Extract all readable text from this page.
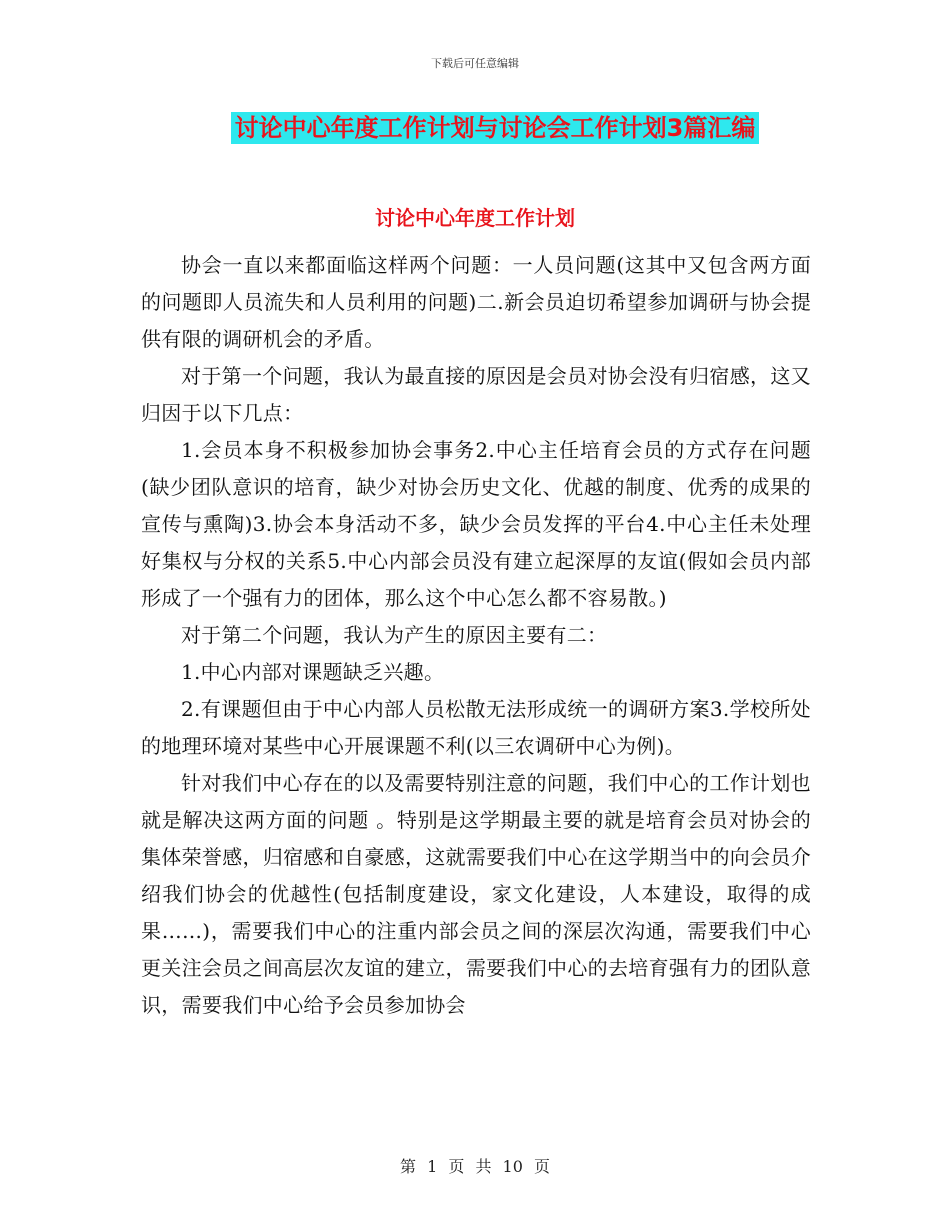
下载后可任意编辑
讨论中心年度工作计划与讨论会工作计划3篇汇编
讨论中心年度工作计划

协会一直以来都面临这样两个问题：一人员问题(这其中又包含两方面的问题即人员流失和人员利用的问题)二.新会员迫切希望参加调研与协会提供有限的调研机会的矛盾。

对于第一个问题，我认为最直接的原因是会员对协会没有归宿感，这又归因于以下几点：

1.会员本身不积极参加协会事务2.中心主任培育会员的方式存在问题(缺少团队意识的培育，缺少对协会历史文化、优越的制度、优秀的成果的宣传与熏陶)3.协会本身活动不多，缺少会员发挥的平台4.中心主任未处理好集权与分权的关系5.中心内部会员没有建立起深厚的友谊(假如会员内部形成了一个强有力的团体，那么这个中心怎么都不容易散。)

对于第二个问题，我认为产生的原因主要有二：

1.中心内部对课题缺乏兴趣。

2.有课题但由于中心内部人员松散无法形成统一的调研方案3.学校所处的地理环境对某些中心开展课题不利(以三农调研中心为例)。

针对我们中心存在的以及需要特别注意的问题，我们中心的工作计划也就是解决这两方面的问题 。特别是这学期最主要的就是培育会员对协会的集体荣誉感，归宿感和自豪感，这就需要我们中心在这学期当中的向会员介绍我们协会的优越性(包括制度建设，家文化建设，人本建设，取得的成果……)，需要我们中心的注重内部会员之间的深层次沟通，需要我们中心更关注会员之间高层次友谊的建立，需要我们中心的去培育强有力的团队意识，需要我们中心给予会员参加协会

第 1 页 共 10 页
